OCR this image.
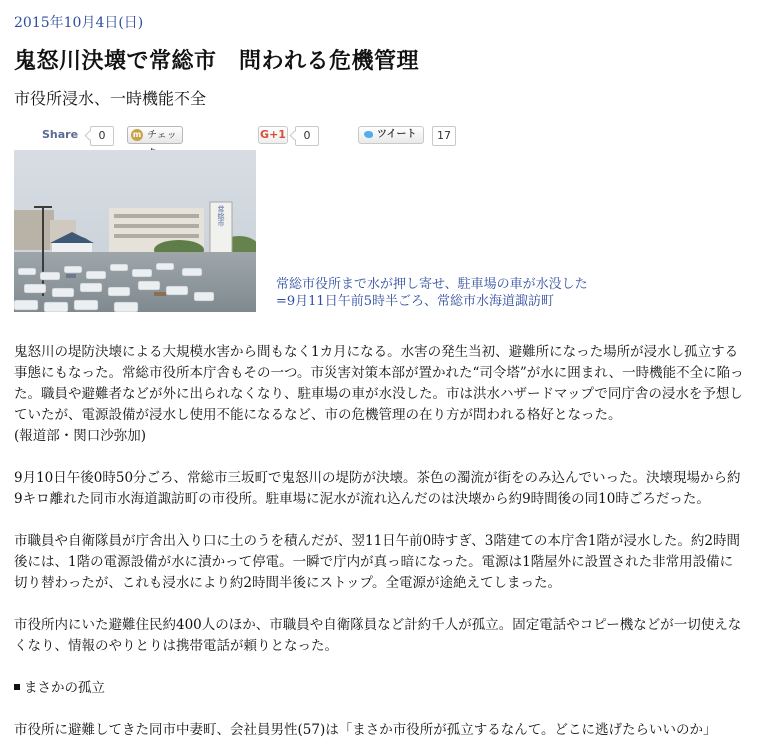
2015年10月4日(日)
鬼怒川決壊で常総市　問われる危機管理
市役所浸水、一時機能不全
Share	0	m チェッ	G+1	0	ツイート	17
常総市
常総市役所まで水が押し寄せ、駐車場の車が水没した=9月11日午前5時半ごろ、常総市水海道諏訪町

鬼怒川の堤防決壊による大規模水害から間もなく1カ月になる。水害の発生当初、避難所になった場所が浸水し孤立する事態にもなった。常総市役所本庁舎もその一つ。市災害対策本部が置かれた“司令塔”が水に囲まれ、一時機能不全に陥った。職員や避難者などが外に出られなくなり、駐車場の車が水没した。市は洪水ハザードマップで同庁舎の浸水を予想していたが、電源設備が浸水し使用不能になるなど、市の危機管理の在り方が問われる格好となった。

(報道部・関口沙弥加)

9月10日午後0時50分ごろ、常総市三坂町で鬼怒川の堤防が決壊。茶色の濁流が街をのみ込んでいった。決壊現場から約9キロ離れた同市水海道諏訪町の市役所。駐車場に泥水が流れ込んだのは決壊から約9時間後の同10時ごろだった。

市職員や自衛隊員が庁舎出入り口に土のうを積んだが、翌11日午前0時すぎ、3階建ての本庁舎1階が浸水した。約2時間後には、1階の電源設備が水に漬かって停電。一瞬で庁内が真っ暗になった。電源は1階屋外に設置された非常用設備に切り替わったが、これも浸水により約2時間半後にストップ。全電源が途絶えてしまった。

市役所内にいた避難住民約400人のほか、市職員や自衛隊員など計約千人が孤立。固定電話やコピー機などが一切使えなくなり、情報のやりとりは携帯電話が頼りとなった。

まさかの孤立

市役所に避難してきた同市中妻町、会社員男性(57)は「まさか市役所が孤立するなんて。どこに逃げたらいいのか」
